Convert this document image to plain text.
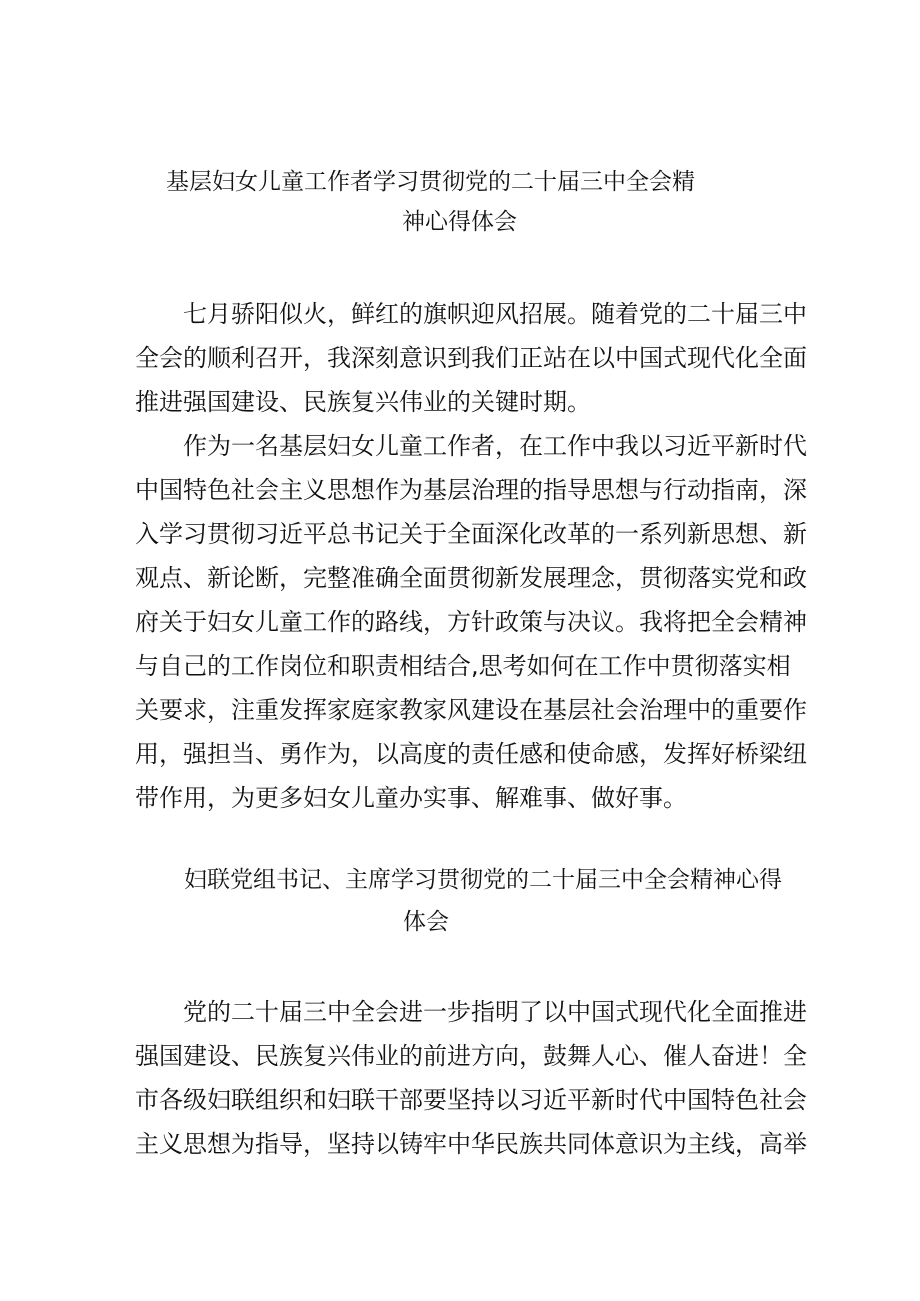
基层妇女儿童工作者学习贯彻党的二十届三中全会精
神心得体会
七月骄阳似火，鲜红的旗帜迎风招展。随着党的二十届三中
全会的顺利召开，我深刻意识到我们正站在以中国式现代化全面
推进强国建设、民族复兴伟业的关键时期。
作为一名基层妇女儿童工作者，在工作中我以习近平新时代
中国特色社会主义思想作为基层治理的指导思想与行动指南，深
入学习贯彻习近平总书记关于全面深化改革的一系列新思想、新
观点、新论断，完整准确全面贯彻新发展理念，贯彻落实党和政
府关于妇女儿童工作的路线，方针政策与决议。我将把全会精神
与自己的工作岗位和职责相结合,思考如何在工作中贯彻落实相
关要求，注重发挥家庭家教家风建设在基层社会治理中的重要作
用，强担当、勇作为，以高度的责任感和使命感，发挥好桥梁纽
带作用，为更多妇女儿童办实事、解难事、做好事。
妇联党组书记、主席学习贯彻党的二十届三中全会精神心得
体会
党的二十届三中全会进一步指明了以中国式现代化全面推进
强国建设、民族复兴伟业的前进方向，鼓舞人心、催人奋进！全
市各级妇联组织和妇联干部要坚持以习近平新时代中国特色社会
主义思想为指导，坚持以铸牢中华民族共同体意识为主线，高举
